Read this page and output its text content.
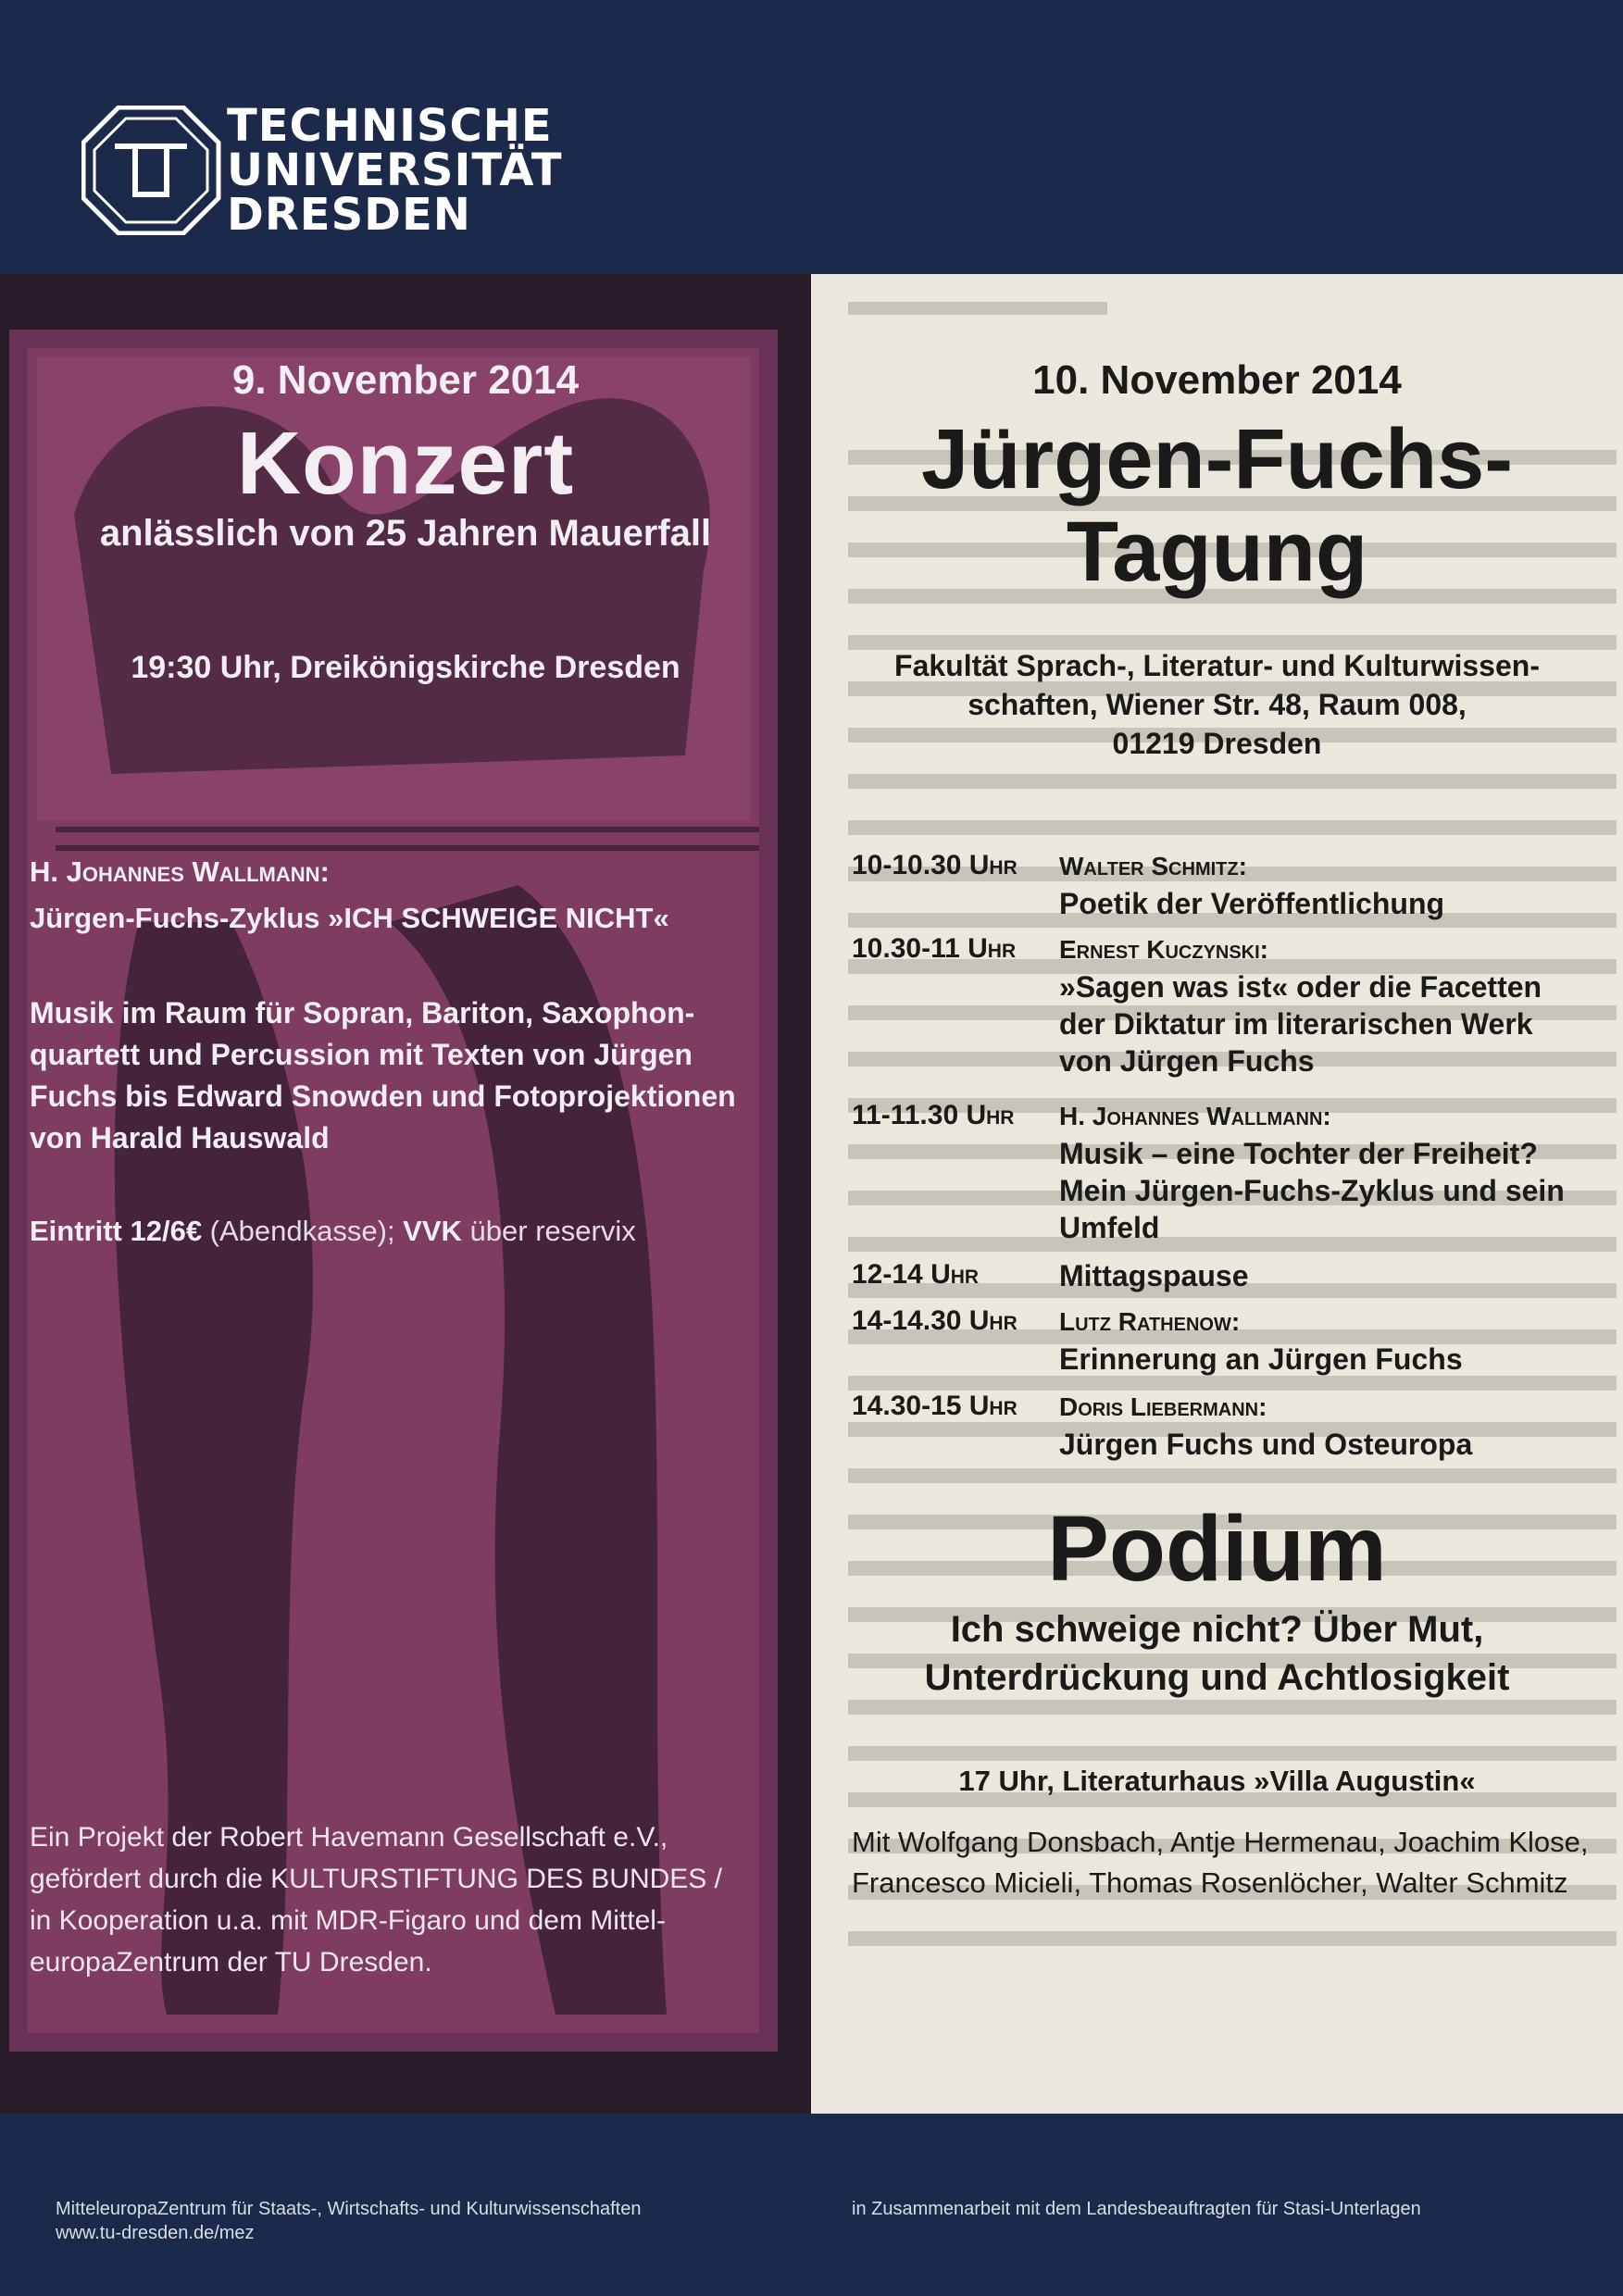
TECHNISCHE
UNIVERSITÄT
DRESDEN
9. November 2014
Konzert
anlässlich von 25 Jahren Mauerfall
19:30 Uhr, Dreikönigskirche Dresden
H. Johannes Wallmann:
Jürgen-Fuchs-Zyklus »ICH SCHWEIGE NICHT«
Musik im Raum für Sopran, Bariton, Saxophon-
quartett und Percussion mit Texten von Jürgen
Fuchs bis Edward Snowden und Fotoprojektionen
von Harald Hauswald
Eintritt 12/6€ (Abendkasse); VVK über reservix
Ein Projekt der Robert Havemann Gesellschaft e.V.,
gefördert durch die KULTURSTIFTUNG DES BUNDES /
in Kooperation u.a. mit MDR-Figaro und dem Mittel-
europaZentrum der TU Dresden.
10. November 2014
Jürgen-Fuchs-
Tagung
Fakultät Sprach-, Literatur- und Kulturwissen-
schaften, Wiener Str. 48, Raum 008,
01219 Dresden
10-10.30 Uhr Walter Schmitz:
Poetik der Veröffentlichung
10.30-11 Uhr Ernest Kuczynski:
»Sagen was ist« oder die Facetten
der Diktatur im literarischen Werk
von Jürgen Fuchs
11-11.30 Uhr H. Johannes Wallmann:
Musik – eine Tochter der Freiheit?
Mein Jürgen-Fuchs-Zyklus und sein
Umfeld
12-14 Uhr	Mittagspause
14-14.30 Uhr Lutz Rathenow:
Erinnerung an Jürgen Fuchs
14.30-15 Uhr Doris Liebermann:
Jürgen Fuchs und Osteuropa
Podium
Ich schweige nicht? Über Mut,
Unterdrückung und Achtlosigkeit
17 Uhr, Literaturhaus »Villa Augustin«
Mit Wolfgang Donsbach, Antje Hermenau, Joachim Klose, Francesco Micieli, Thomas Rosenlöcher, Walter Schmitz
MitteleuropaZentrum für Staats-, Wirtschafts- und Kulturwissenschaften
www.tu-dresden.de/mez
in Zusammenarbeit mit dem Landesbeauftragten für Stasi-Unterlagen
